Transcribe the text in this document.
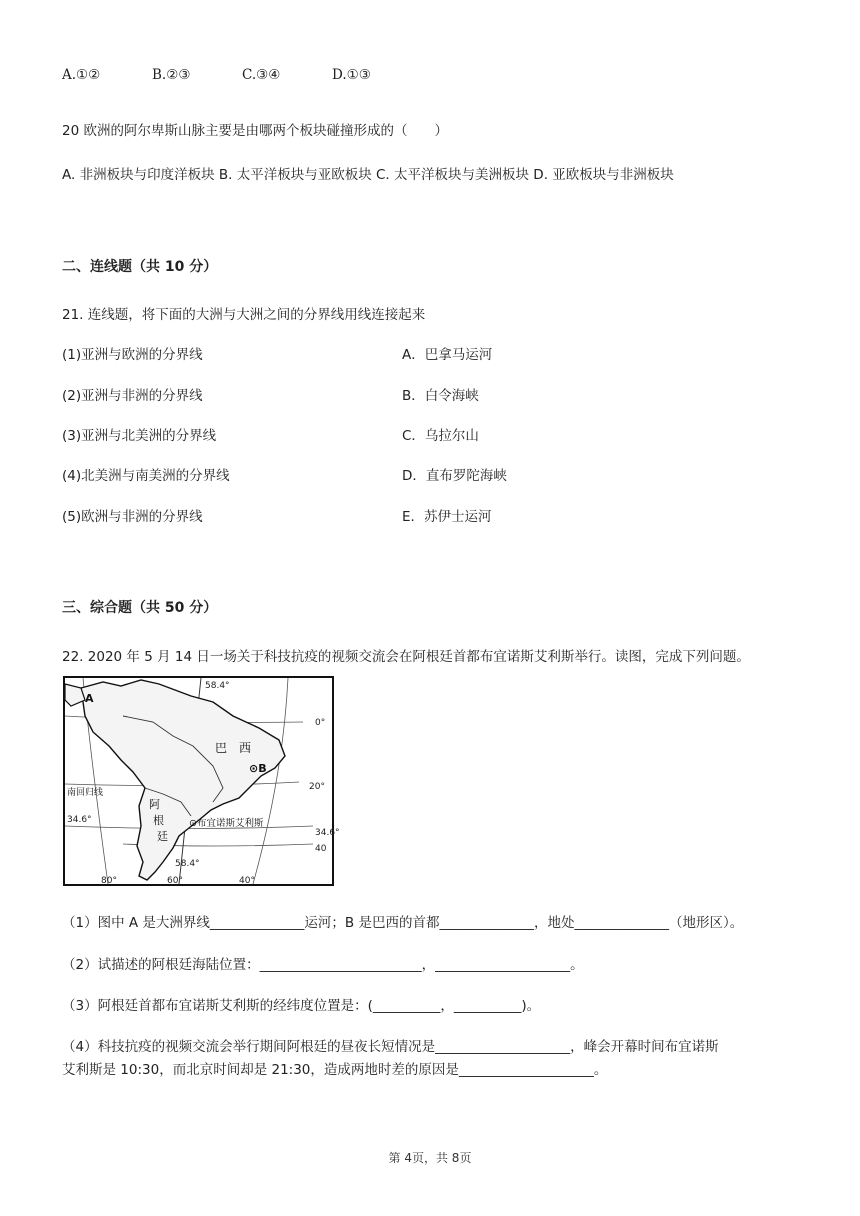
A.①②	B.②③	C.③④	D.①③
20 欧洲的阿尔卑斯山脉主要是由哪两个板块碰撞形成的（　　）
A. 非洲板块与印度洋板块 B. 太平洋板块与亚欧板块 C. 太平洋板块与美洲板块 D. 亚欧板块与非洲板块
二、连线题（共 10 分）
21. 连线题，将下面的大洲与大洲之间的分界线用线连接起来
(1)亚洲与欧洲的分界线	A．巴拿马运河
(2)亚洲与非洲的分界线	B．白令海峡
(3)亚洲与北美洲的分界线	C．乌拉尔山
(4)北美洲与南美洲的分界线	D．直布罗陀海峡
(5)欧洲与非洲的分界线	E．苏伊士运河
三、综合题（共 50 分）
22. 2020 年 5 月 14 日一场关于科技抗疫的视频交流会在阿根廷首都布宜诺斯艾利斯举行。读图，完成下列问题。
58.4°
0°
20°
34.6°
40
34.6°
58.4°
80°	60°	40°
A
⊙B
巴　西
南回归线
阿
根
廷
⊙布宜诺斯艾利斯
（1）图中 A 是大洲界线______________运河；B 是巴西的首都______________，地处______________（地形区）。
（2）试描述的阿根廷海陆位置：________________________，____________________。
（3）阿根廷首都布宜诺斯艾利斯的经纬度位置是：(__________，__________)。
（4）科技抗疫的视频交流会举行期间阿根廷的昼夜长短情况是____________________，峰会开幕时间布宜诺斯
艾利斯是 10:30，而北京时间却是 21:30，造成两地时差的原因是____________________。
第 4页，共 8页
